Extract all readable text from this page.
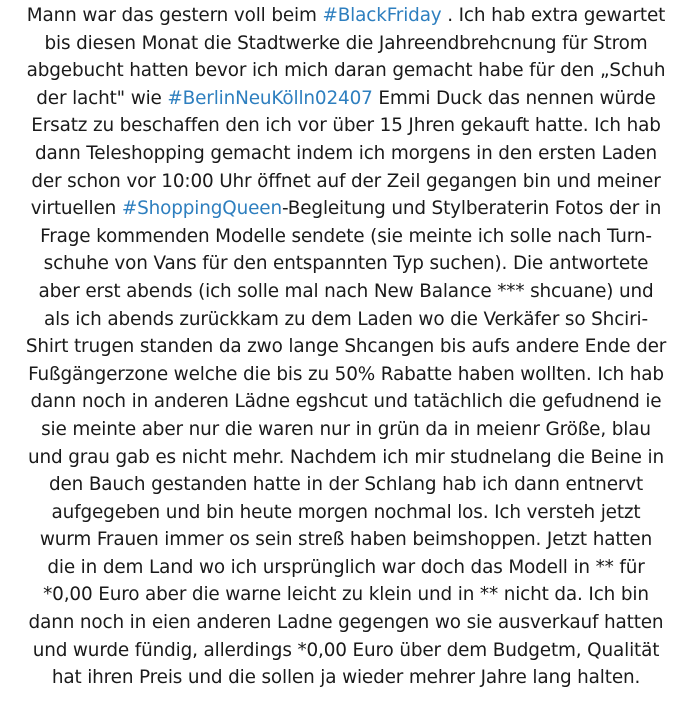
Mann war das gestern voll beim #BlackFriday . Ich hab extra gewartet
bis diesen Monat die Stadtwerke die Jahreendbrehcnung für Strom
abgebucht hatten bevor ich mich daran gemacht habe für den „Schuh
der lacht" wie #BerlinNeuKölln02407 Emmi Duck das nennen würde
Ersatz zu beschaffen den ich vor über 15 Jhren gekauft hatte. Ich hab
dann Teleshopping gemacht indem ich morgens in den ersten Laden
der schon vor 10:00 Uhr öffnet auf der Zeil gegangen bin und meiner
virtuellen #ShoppingQueen-Begleitung und Stylberaterin Fotos der in
Frage kommenden Modelle sendete (sie meinte ich solle nach Turn-
schuhe von Vans für den entspannten Typ suchen). Die antwortete
aber erst abends (ich solle mal nach New Balance *** shcuane) und
als ich abends zurückkam zu dem Laden wo die Verkäfer so Shciri-
Shirt trugen standen da zwo lange Shcangen bis aufs andere Ende der
Fußgängerzone welche die bis zu 50% Rabatte haben wollten. Ich hab
dann noch in anderen Lädne egshcut und tatächlich die gefudnend ie
sie meinte aber nur die waren nur in grün da in meienr Größe, blau
und grau gab es nicht mehr. Nachdem ich mir studnelang die Beine in
den Bauch gestanden hatte in der Schlang hab ich dann entnervt
aufgegeben und bin heute morgen nochmal los. Ich versteh jetzt
wurm Frauen immer os sein streß haben beimshoppen. Jetzt hatten
die in dem Land wo ich ursprünglich war doch das Modell in ** für
*0,00 Euro aber die warne leicht zu klein und in ** nicht da. Ich bin
dann noch in eien anderen Ladne gegengen wo sie ausverkauf hatten
und wurde fündig, allerdings *0,00 Euro über dem Budgetm, Qualität
hat ihren Preis und die sollen ja wieder mehrer Jahre lang halten.
